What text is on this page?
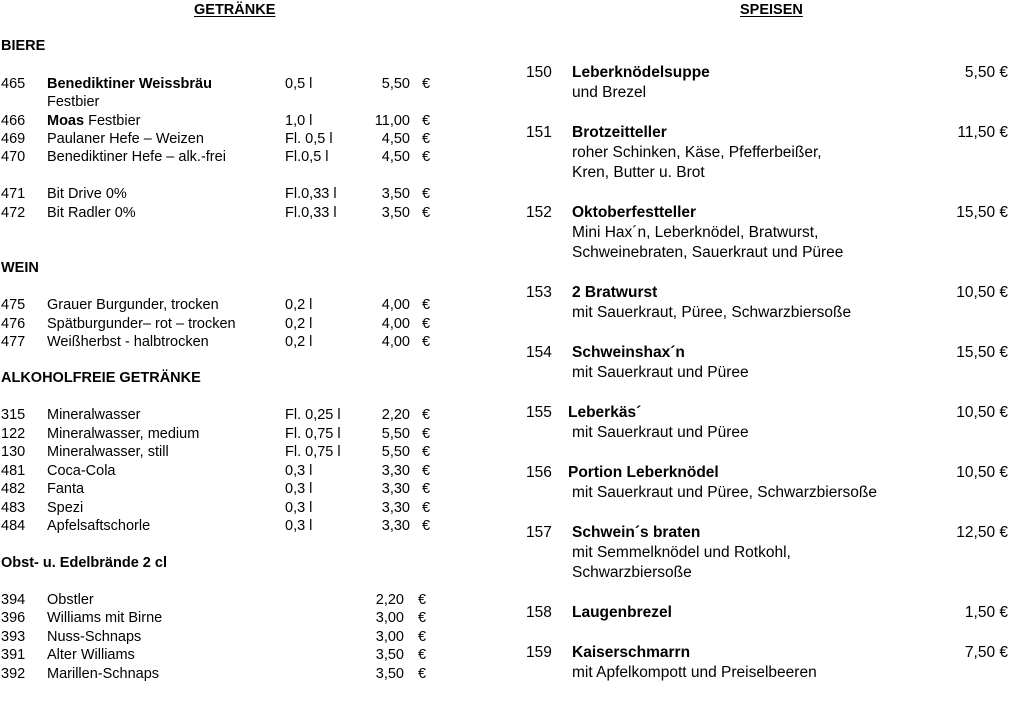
GETRÄNKE	SPEISEN
BIERE
465 Benediktiner Weissbräu	0,5 l	5,50 €
Festbier
466 Moas Festbier	1,0 l	11,00 €
469 Paulaner Hefe – Weizen	Fl. 0,5 l	4,50 €
470 Benediktiner Hefe – alk.-frei	Fl.0,5 l	4,50 €
471 Bit Drive 0%	Fl.0,33 l	3,50 €
472 Bit Radler 0%	Fl.0,33 l	3,50 €
WEIN
475 Grauer Burgunder, trocken	0,2 l	4,00 €
476 Spätburgunder– rot – trocken	0,2 l	4,00 €
477 Weißherbst - halbtrocken	0,2 l	4,00 €
ALKOHOLFREIE GETRÄNKE
315 Mineralwasser	Fl. 0,25 l	2,20 €
122 Mineralwasser, medium	Fl. 0,75 l	5,50 €
130 Mineralwasser, still	Fl. 0,75 l	5,50 €
481 Coca-Cola	0,3 l	3,30 €
482 Fanta	0,3 l	3,30 €
483 Spezi	0,3 l	3,30 €
484 Apfelsaftschorle	0,3 l	3,30 €
Obst- u. Edelbrände 2 cl
394 Obstler	2,20 €
396 Williams mit Birne	3,00 €
393 Nuss-Schnaps	3,00 €
391 Alter Williams	3,50 €
392 Marillen-Schnaps	3,50 €
150 Leberknödelsuppe	5,50 €
und Brezel
151 Brotzeitteller	11,50 €
roher Schinken, Käse, Pfefferbeißer,
Kren, Butter u. Brot
152 Oktoberfestteller	15,50 €
Mini Hax´n, Leberknödel, Bratwurst,
Schweinebraten, Sauerkraut und Püree
153 2 Bratwurst	10,50 €
mit Sauerkraut, Püree, Schwarzbiersoße
154 Schweinshax´n	15,50 €
mit Sauerkraut und Püree
155 Leberkäs´	10,50 €
mit Sauerkraut und Püree
156 Portion Leberknödel	10,50 €
mit Sauerkraut und Püree, Schwarzbiersoße
157 Schwein´s braten	12,50 €
mit Semmelknödel und Rotkohl,
Schwarzbiersoße
158 Laugenbrezel	1,50 €
159 Kaiserschmarrn	7,50 €
mit Apfelkompott und Preiselbeeren
